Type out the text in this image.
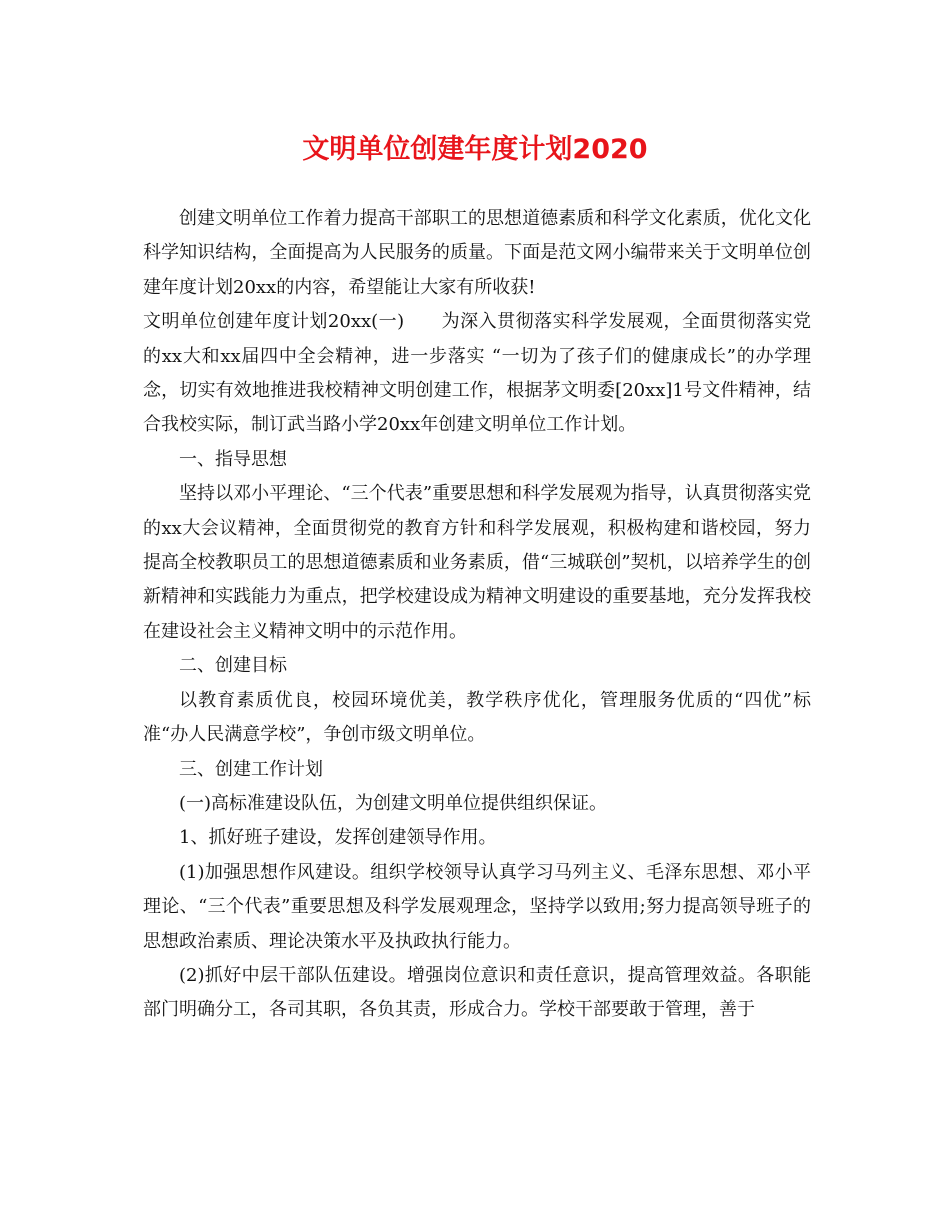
文明单位创建年度计划2020

创建文明单位工作着力提高干部职工的思想道德素质和科学文化素质，优化文化科学知识结构，全面提高为人民服务的质量。下面是范文网小编带来关于文明单位创建年度计划20xx的内容，希望能让大家有所收获!

文明单位创建年度计划20xx(一)　　为深入贯彻落实科学发展观，全面贯彻落实党的xx大和xx届四中全会精神，进一步落实 “一切为了孩子们的健康成长”的办学理念，切实有效地推进我校精神文明创建工作，根据茅文明委[20xx]1号文件精神，结合我校实际，制订武当路小学20xx年创建文明单位工作计划。

一、指导思想

坚持以邓小平理论、“三个代表”重要思想和科学发展观为指导，认真贯彻落实党的xx大会议精神，全面贯彻党的教育方针和科学发展观，积极构建和谐校园，努力提高全校教职员工的思想道德素质和业务素质，借“三城联创”契机，以培养学生的创新精神和实践能力为重点，把学校建设成为精神文明建设的重要基地，充分发挥我校在建设社会主义精神文明中的示范作用。

二、创建目标

以教育素质优良，校园环境优美，教学秩序优化，管理服务优质的“四优”标准“办人民满意学校”，争创市级文明单位。

三、创建工作计划

(一)高标准建设队伍，为创建文明单位提供组织保证。

1、抓好班子建设，发挥创建领导作用。

(1)加强思想作风建设。组织学校领导认真学习马列主义、毛泽东思想、邓小平理论、“三个代表”重要思想及科学发展观理念，坚持学以致用;努力提高领导班子的思想政治素质、理论决策水平及执政执行能力。

(2)抓好中层干部队伍建设。增强岗位意识和责任意识，提高管理效益。各职能部门明确分工，各司其职，各负其责，形成合力。学校干部要敢于管理，善于
